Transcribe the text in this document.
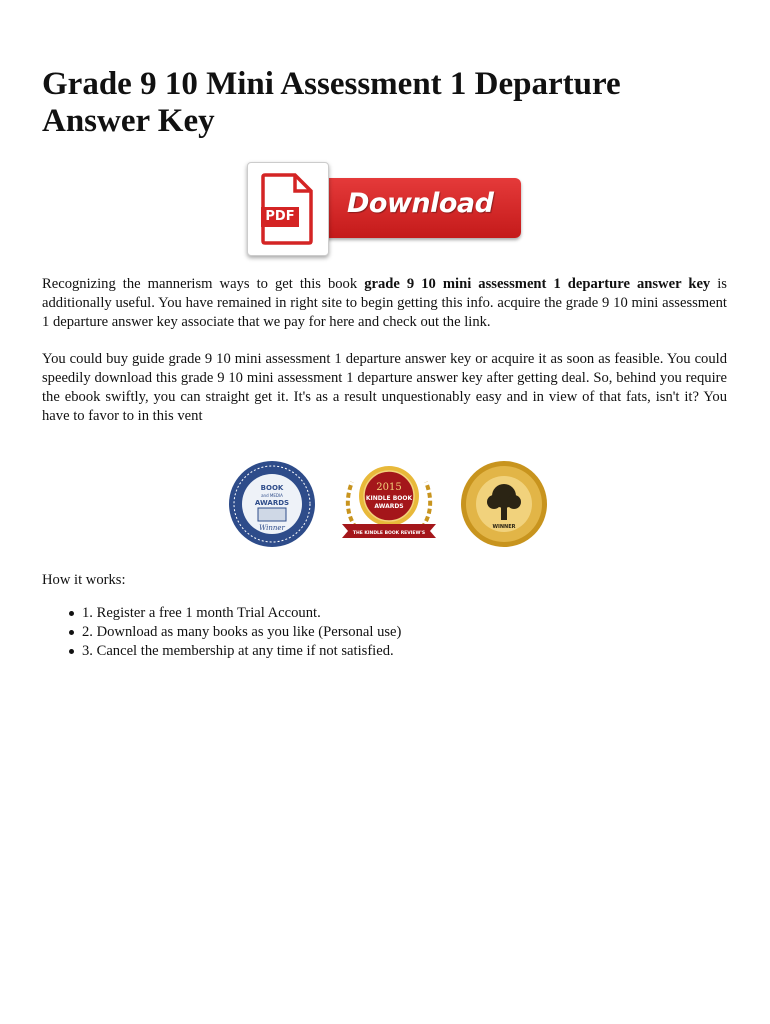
Grade 9 10 Mini Assessment 1 Departure Answer Key
Download
PDF

Recognizing the mannerism ways to get this book grade 9 10 mini assessment 1 departure answer key is additionally useful. You have remained in right site to begin getting this info. acquire the grade 9 10 mini assessment 1 departure answer key associate that we pay for here and check out the link.

You could buy guide grade 9 10 mini assessment 1 departure answer key or acquire it as soon as feasible. You could speedily download this grade 9 10 mini assessment 1 departure answer key after getting deal. So, behind you require the ebook swiftly, you can straight get it. It's as a result unquestionably easy and in view of that fats, isn't it? You have to favor to in this vent

BOOK
and MEDIA
AWARDS
Winner
2015
KINDLE BOOK
AWARDS
THE KINDLE BOOK REVIEW'S
WINNER

How it works:

1. Register a free 1 month Trial Account.
2. Download as many books as you like (Personal use)
3. Cancel the membership at any time if not satisfied.
